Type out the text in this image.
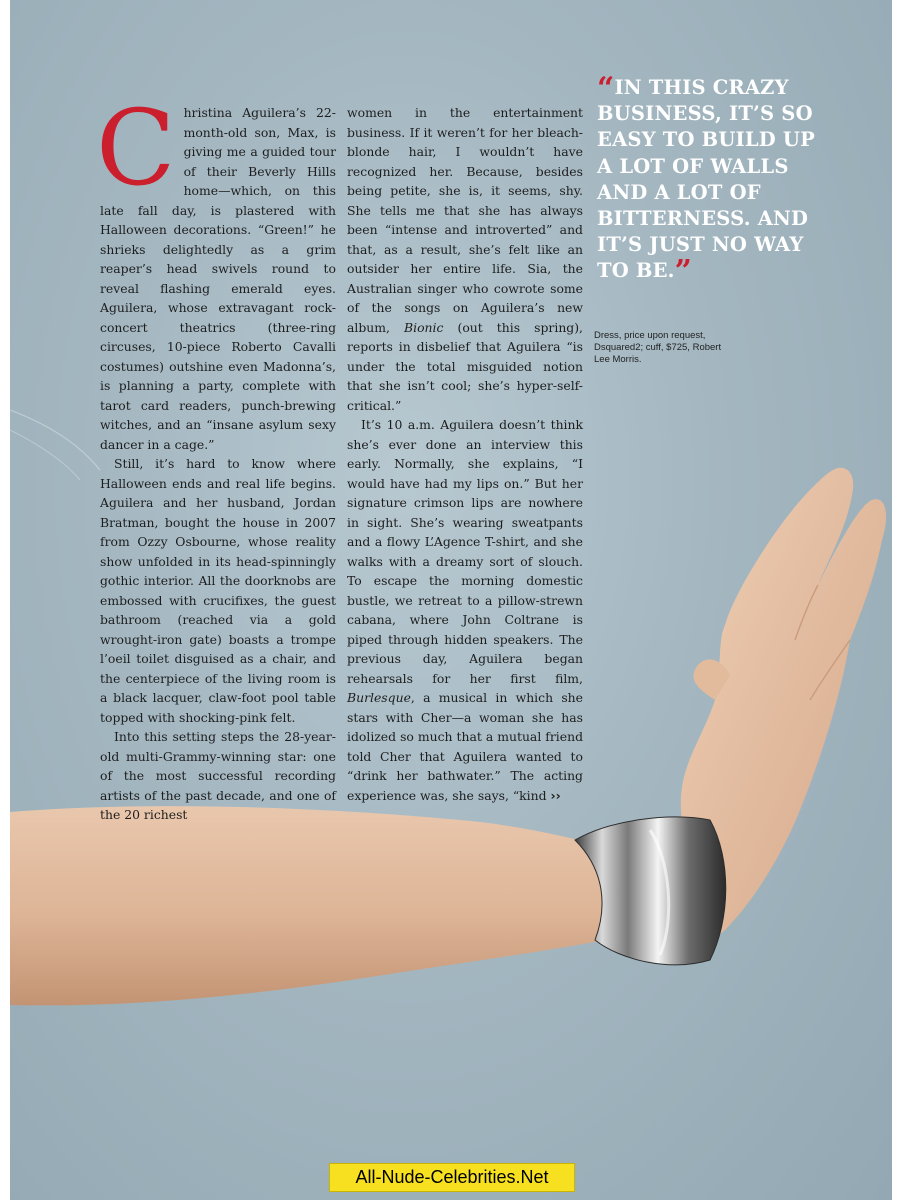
C hristina Aguilera’s 22-month-old son, Max, is giving me a guided tour of their Beverly Hills home—which, on this late fall day, is plastered with Halloween decorations. “Green!” he shrieks delightedly as a grim reaper’s head swivels round to reveal flashing emerald eyes. Aguilera, whose extravagant rock-concert theatrics (three-ring circuses, 10-piece Roberto Cavalli costumes) outshine even Madonna’s, is planning a party, complete with tarot card readers, punch-brewing witches, and an “insane asylum sexy dancer in a cage.”

Still, it’s hard to know where Halloween ends and real life begins. Aguilera and her husband, Jordan Bratman, bought the house in 2007 from Ozzy Osbourne, whose reality show unfolded in its head-spinningly gothic interior. All the doorknobs are embossed with crucifixes, the guest bathroom (reached via a gold wrought-iron gate) boasts a trompe l’oeil toilet disguised as a chair, and the centerpiece of the living room is a black lacquer, claw-foot pool table topped with shocking-pink felt.

Into this setting steps the 28-year-old multi-Grammy-winning star: one of the most successful recording artists of the past decade, and one of the 20 richest

women in the entertainment business. If it weren’t for her bleach-blonde hair, I wouldn’t have recognized her. Because, besides being petite, she is, it seems, shy. She tells me that she has always been “intense and introverted” and that, as a result, she’s felt like an outsider her entire life. Sia, the Australian singer who cowrote some of the songs on Aguilera’s new album, Bionic (out this spring), reports in disbelief that Aguilera “is under the total misguided notion that she isn’t cool; she’s hyper-self-critical.”

It’s 10 a.m. Aguilera doesn’t think she’s ever done an interview this early. Normally, she explains, “I would have had my lips on.” But her signature crimson lips are nowhere in sight. She’s wearing sweatpants and a flowy L’Agence T-shirt, and she walks with a dreamy sort of slouch. To escape the morning domestic bustle, we retreat to a pillow-strewn cabana, where John Coltrane is piped through hidden speakers. The previous day, Aguilera began rehearsals for her first film, Burlesque, a musical in which she stars with Cher—a woman she has idolized so much that a mutual friend told Cher that Aguilera wanted to “drink her bathwater.” The acting experience was, she says, “kind ››

“IN THIS CRAZY BUSINESS, IT’S SO EASY TO BUILD UP A LOT OF WALLS AND A LOT OF BITTERNESS. AND IT’S JUST NO WAY TO BE.”
Dress, price upon request, Dsquared2; cuff, $725, Robert Lee Morris.
All-Nude-Celebrities.Net
